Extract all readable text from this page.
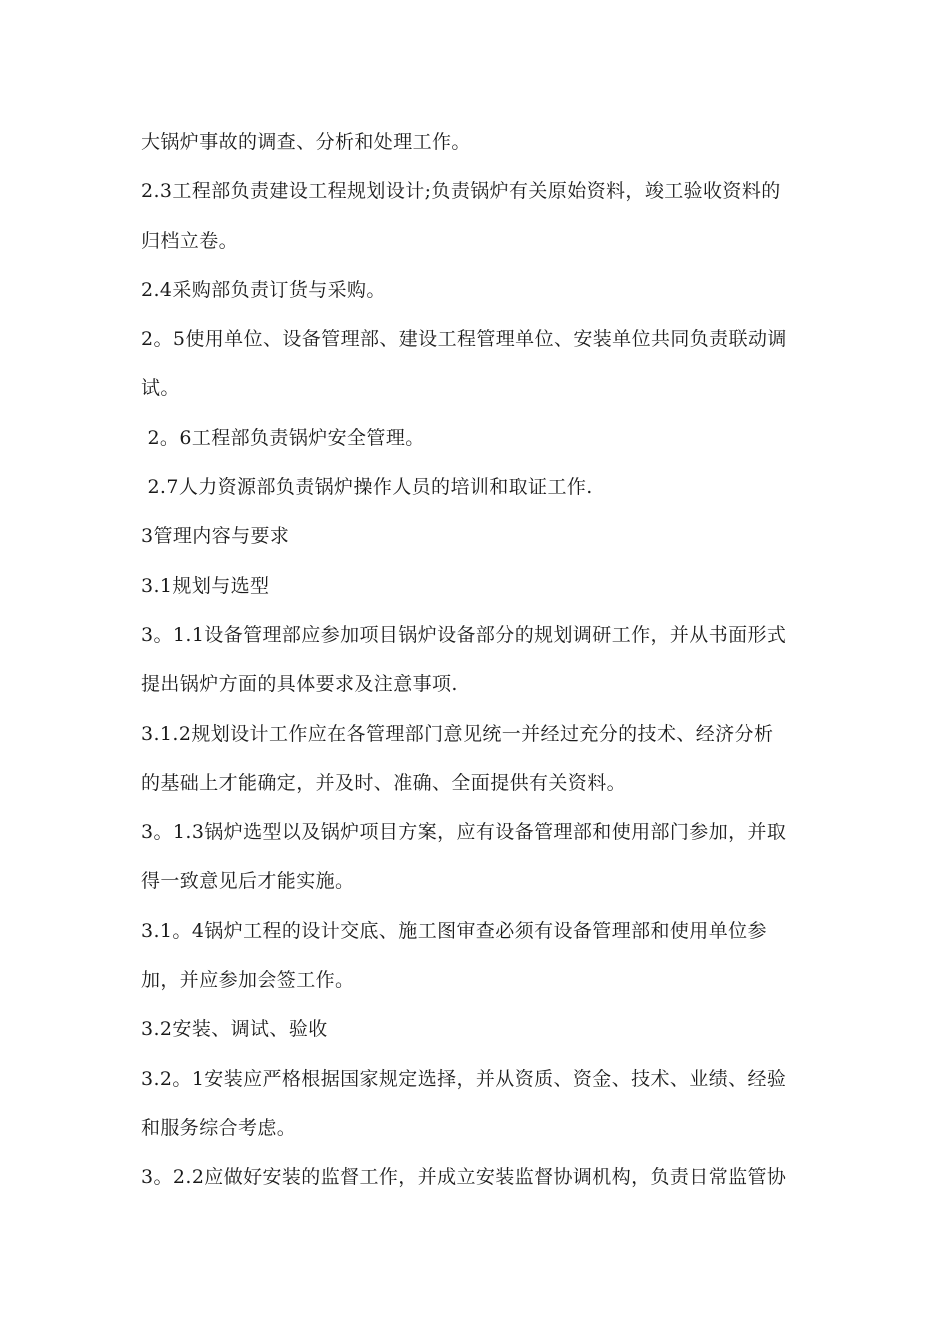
大锅炉事故的调查、分析和处理工作。
2.3工程部负责建设工程规划设计;负责锅炉有关原始资料，竣工验收资料的
归档立卷。
2.4采购部负责订货与采购。
2。5使用单位、设备管理部、建设工程管理单位、安装单位共同负责联动调
试。
2。6工程部负责锅炉安全管理。
2.7人力资源部负责锅炉操作人员的培训和取证工作.
3管理内容与要求
3.1规划与选型
3。1.1设备管理部应参加项目锅炉设备部分的规划调研工作，并从书面形式
提出锅炉方面的具体要求及注意事项.
3.1.2规划设计工作应在各管理部门意见统一并经过充分的技术、经济分析
的基础上才能确定，并及时、准确、全面提供有关资料。
3。1.3锅炉选型以及锅炉项目方案，应有设备管理部和使用部门参加，并取
得一致意见后才能实施。
3.1。4锅炉工程的设计交底、施工图审查必须有设备管理部和使用单位参
加，并应参加会签工作。
3.2安装、调试、验收
3.2。1安装应严格根据国家规定选择，并从资质、资金、技术、业绩、经验
和服务综合考虑。
3。2.2应做好安装的监督工作，并成立安装监督协调机构，负责日常监管协
